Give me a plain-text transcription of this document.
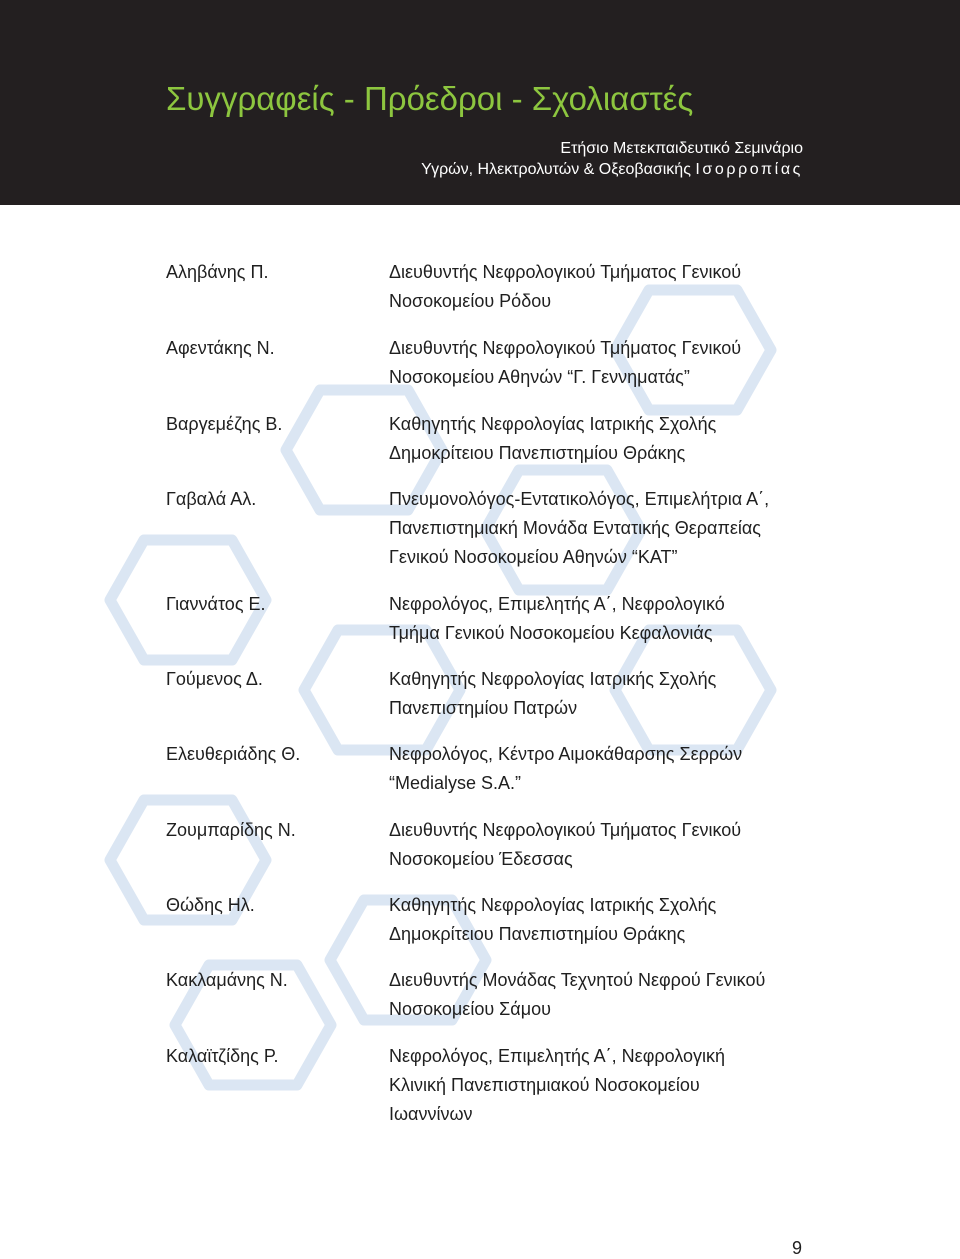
Συγγραφείς - Πρόεδροι - Σχολιαστές
Ετήσιο Μετεκπαιδευτικό Σεμινάριο
Υγρών, Ηλεκτρολυτών & Οξεοβασικής Ισορροπίας
Αληβάνης Π.	Διευθυντής Νεφρολογικού Τμήματος Γενικού
Νοσοκομείου Ρόδου
Αφεντάκης Ν.	Διευθυντής Νεφρολογικού Τμήματος Γενικού
Νοσοκομείου Αθηνών “Γ. Γεννηματάς”
Βαργεμέζης Β.	Καθηγητής Νεφρολογίας Ιατρικής Σχολής
Δημοκρίτειου Πανεπιστημίου Θράκης
Γαβαλά Αλ.	Πνευμονολόγος-Εντατικολόγος, Επιμελήτρια Α΄,
Πανεπιστημιακή Μονάδα Εντατικής Θεραπείας
Γενικού Νοσοκομείου Αθηνών “ΚΑΤ”
Γιαννάτος Ε.	Νεφρολόγος, Επιμελητής Α΄, Νεφρολογικό
Τμήμα Γενικού Νοσοκομείου Κεφαλονιάς
Γούμενος Δ.	Καθηγητής Νεφρολογίας Ιατρικής Σχολής
Πανεπιστημίου Πατρών
Ελευθεριάδης Θ.	Νεφρολόγος, Κέντρο Αιμοκάθαρσης Σερρών
“Medialyse S.A.”
Ζουμπαρίδης Ν.	Διευθυντής Νεφρολογικού Τμήματος Γενικού
Νοσοκομείου Έδεσσας
Θώδης Ηλ.	Καθηγητής Νεφρολογίας Ιατρικής Σχολής
Δημοκρίτειου Πανεπιστημίου Θράκης
Κακλαμάνης Ν.	Διευθυντής Μονάδας Τεχνητού Νεφρού Γενικού
Νοσοκομείου Σάμου
Καλαϊτζίδης Ρ.	Νεφρολόγος, Επιμελητής Α΄, Νεφρολογική
Κλινική Πανεπιστημιακού Νοσοκομείου
Ιωαννίνων
9
